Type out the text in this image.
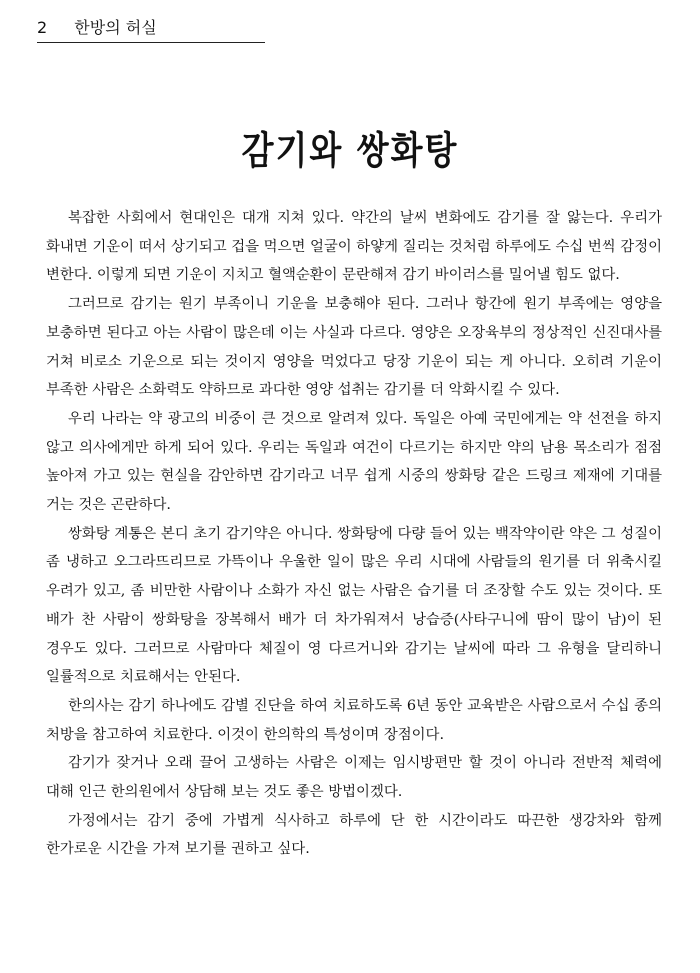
2 한방의 허실
감기와 쌍화탕

복잡한 사회에서 현대인은 대개 지쳐 있다. 약간의 날씨 변화에도 감기를 잘 앓는다. 우리가 화내면 기운이 떠서 상기되고 겁을 먹으면 얼굴이 하얗게 질리는 것처럼 하루에도 수십 번씩 감정이 변한다. 이렇게 되면 기운이 지치고 혈액순환이 문란해져 감기 바이러스를 밀어낼 힘도 없다.

그러므로 감기는 원기 부족이니 기운을 보충해야 된다. 그러나 항간에 원기 부족에는 영양을 보충하면 된다고 아는 사람이 많은데 이는 사실과 다르다. 영양은 오장육부의 정상적인 신진대사를 거쳐 비로소 기운으로 되는 것이지 영양을 먹었다고 당장 기운이 되는 게 아니다. 오히려 기운이 부족한 사람은 소화력도 약하므로 과다한 영양 섭취는 감기를 더 악화시킬 수 있다.

우리 나라는 약 광고의 비중이 큰 것으로 알려져 있다. 독일은 아예 국민에게는 약 선전을 하지 않고 의사에게만 하게 되어 있다. 우리는 독일과 여건이 다르기는 하지만 약의 남용 목소리가 점점 높아져 가고 있는 현실을 감안하면 감기라고 너무 쉽게 시중의 쌍화탕 같은 드링크 제재에 기대를 거는 것은 곤란하다.

쌍화탕 계통은 본디 초기 감기약은 아니다. 쌍화탕에 다량 들어 있는 백작약이란 약은 그 성질이 좀 냉하고 오그라뜨리므로 가뜩이나 우울한 일이 많은 우리 시대에 사람들의 원기를 더 위축시킬 우려가 있고, 좀 비만한 사람이나 소화가 자신 없는 사람은 습기를 더 조장할 수도 있는 것이다. 또 배가 찬 사람이 쌍화탕을 장복해서 배가 더 차가워져서 낭습증(사타구니에 땀이 많이 남)이 된 경우도 있다. 그러므로 사람마다 체질이 영 다르거니와 감기는 날씨에 따라 그 유형을 달리하니 일률적으로 치료해서는 안된다.

한의사는 감기 하나에도 감별 진단을 하여 치료하도록 6년 동안 교육받은 사람으로서 수십 종의 처방을 참고하여 치료한다. 이것이 한의학의 특성이며 장점이다.

감기가 잦거나 오래 끌어 고생하는 사람은 이제는 임시방편만 할 것이 아니라 전반적 체력에 대해 인근 한의원에서 상담해 보는 것도 좋은 방법이겠다.

가정에서는 감기 중에 가볍게 식사하고 하루에 단 한 시간이라도 따끈한 생강차와 함께 한가로운 시간을 가져 보기를 권하고 싶다.
